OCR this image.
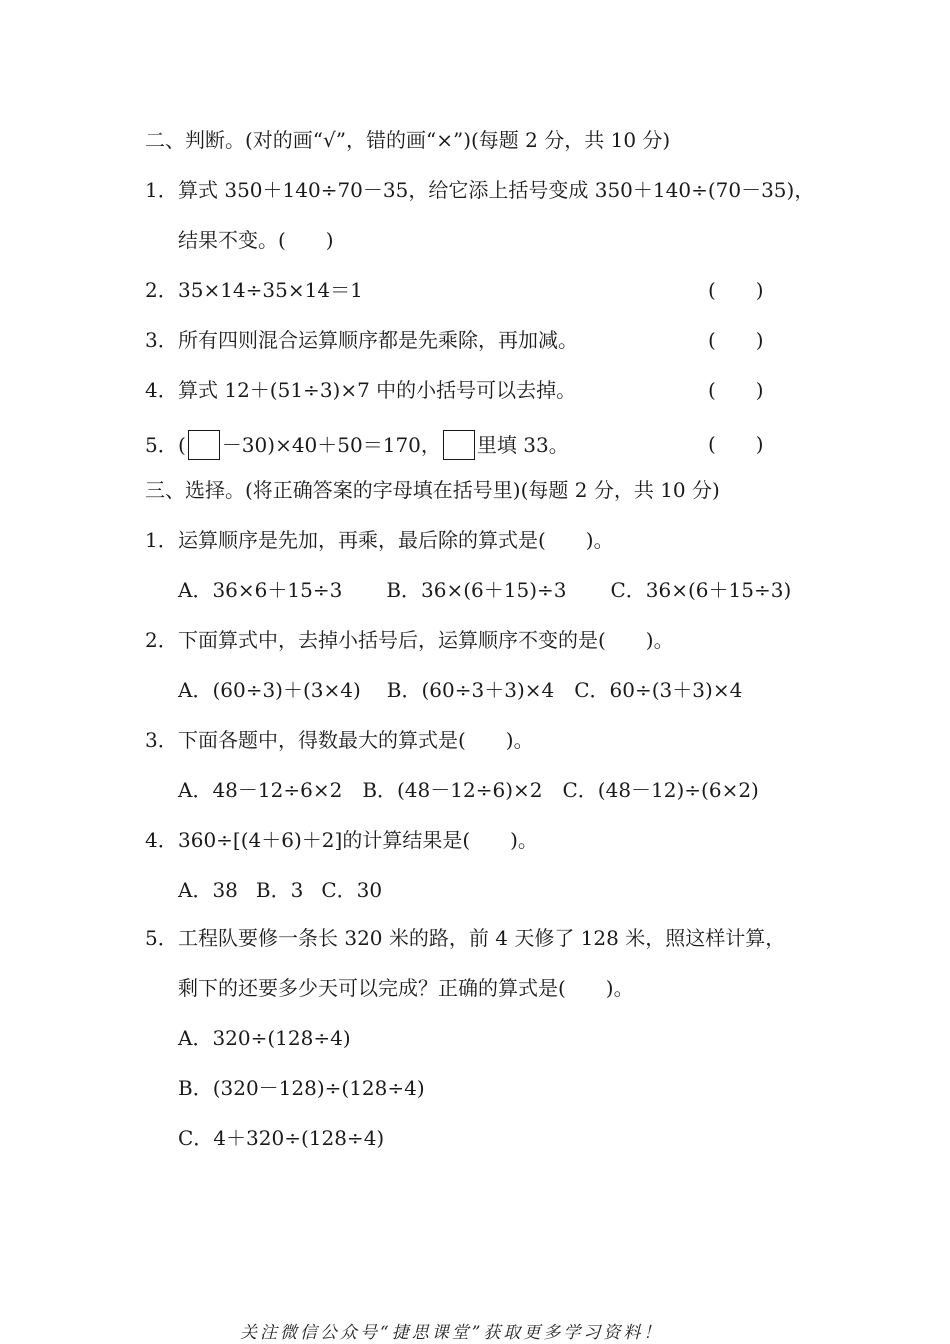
二、判断。(对的画“√”，错的画“×”)(每题 2 分，共 10 分)
1．算式 350＋140÷70－35，给它添上括号变成 350＋140÷(70－35)，
结果不变。(　　)
2．35×14÷35×14＝1	(　　)
3．所有四则混合运算顺序都是先乘除，再加减。	(　　)
4．算式 12＋(51÷3)×7 中的小括号可以去掉。	(　　)
5．( －30)×40＋50＝170， 里填 33。	(　　)
三、选择。(将正确答案的字母填在括号里)(每题 2 分，共 10 分)
1．运算顺序是先加，再乘，最后除的算式是(　　)。
A．36×6＋15÷3 B．36×(6＋15)÷3 C．36×(6＋15÷3)
2．下面算式中，去掉小括号后，运算顺序不变的是(　　)。
A．(60÷3)＋(3×4) B．(60÷3＋3)×4 C．60÷(3＋3)×4
3．下面各题中，得数最大的算式是(　　)。
A．48－12÷6×2 B．(48－12÷6)×2 C．(48－12)÷(6×2)
4．360÷[(4＋6)＋2]的计算结果是(　　)。
A．38 B．3 C．30
5．工程队要修一条长 320 米的路，前 4 天修了 128 米，照这样计算，
剩下的还要多少天可以完成？正确的算式是(　　)。
A．320÷(128÷4)
B．(320－128)÷(128÷4)
C．4＋320÷(128÷4)
关注微信公众号“捷思课堂”获取更多学习资料！
